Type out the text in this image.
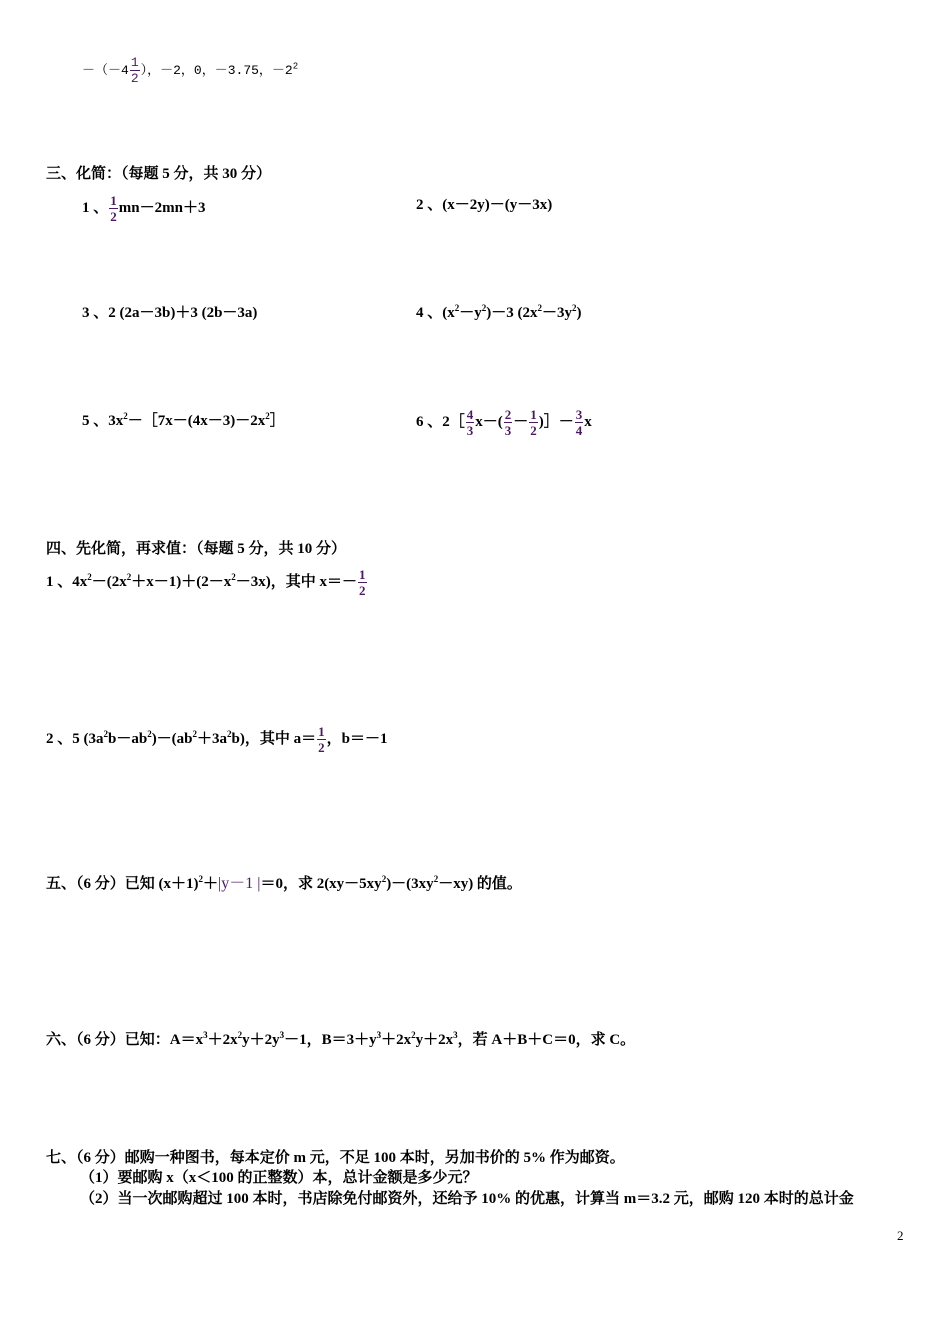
$-(-4 \frac{1}{2}$ ），－2，0，－3.75，$-2^2$
三、化简：（每题 5 分，共 30 分）
1 、 $\frac{1}{2} mn-2mn+3$	2 、(x－2y)－(y－3x)
3 、2 (2a－3b)＋3 (2b－3a)	4 、$(x^2-y^2)-3$ $(2x^2-3y^2)$
5 、$3x^2-[7x-(4x-3)-2x^2]$	6 、2［ $\frac{4}{3} x-( \frac{2}{3} - \frac{1}{2}$ )］－ $\frac{3}{4}$ x
四、先化简，再求值：（每题 5 分，共 10 分）
1 、$4x^2-(2x^2+x-1)+(2-x^2-3x)$，其中 $x=- \frac{1}{2}$
2 、5 $(3a^2b-ab^2)-(ab^2+3a^2b)$，其中 $a= \frac{1}{2}$ ，b＝－1
五、（6 分）已知 $(x+1)^2+|y-1$ |＝0，求 $2(xy-5xy^2)-(3xy^2-xy)$ 的值。
六、（6 分）已知：$A=x^3+2x^2y+2y^3-1$，$B=3+y^3+2x^2y+2x^3$，若 A＋B＋C＝0，求 C。
七、（6 分）邮购一种图书，每本定价 m 元，不足 100 本时，另加书价的 5% 作为邮资。
（1）要邮购 x（x＜100 的正整数）本，总计金额是多少元？
（2）当一次邮购超过 100 本时，书店除免付邮资外，还给予 10% 的优惠，计算当 m＝3.2 元，邮购 120 本时的总计金
2
